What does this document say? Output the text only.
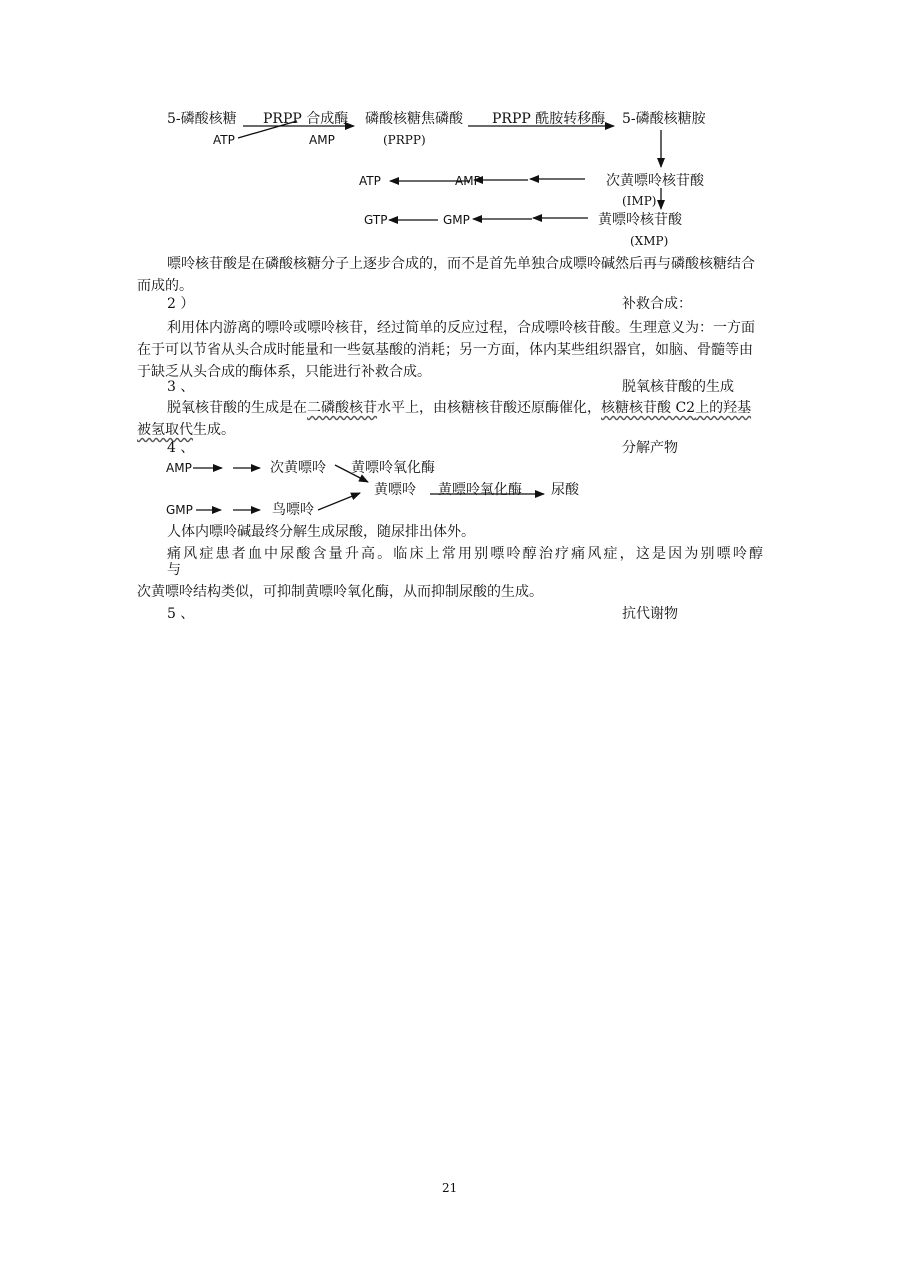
5-磷酸核糖 PRPP 合成酶 磷酸核糖焦磷酸 PRPP 酰胺转移酶 5-磷酸核糖胺
ATP	AMP	(PRPP)
ATP	AMP	次黄嘌呤核苷酸
(IMP)
GTP	GMP	黄嘌呤核苷酸
(XMP)
嘌呤核苷酸是在磷酸核糖分子上逐步合成的，而不是首先单独合成嘌呤碱然后再与磷酸核糖结合而成的。
2 ）	补救合成：
利用体内游离的嘌呤或嘌呤核苷，经过简单的反应过程，合成嘌呤核苷酸。生理意义为：一方面在于可以节省从头合成时能量和一些氨基酸的消耗；另一方面，体内某些组织器官，如脑、骨髓等由于缺乏从头合成的酶体系，只能进行补救合成。
3 、	脱氧核苷酸的生成
脱氧核苷酸的生成是在二磷酸核苷水平上，由核糖核苷酸还原酶催化，核糖核苷酸 C2上的羟基被氢取代生成。
4 、	分解产物
AMP	次黄嘌呤 黄嘌呤氧化酶
黄嘌呤 黄嘌呤氧化酶 尿酸
GMP	鸟嘌呤
人体内嘌呤碱最终分解生成尿酸，随尿排出体外。
痛风症患者血中尿酸含量升高。临床上常用别嘌呤醇治疗痛风症，这是因为别嘌呤醇
与
次黄嘌呤结构类似，可抑制黄嘌呤氧化酶，从而抑制尿酸的生成。
5 、	抗代谢物
21
